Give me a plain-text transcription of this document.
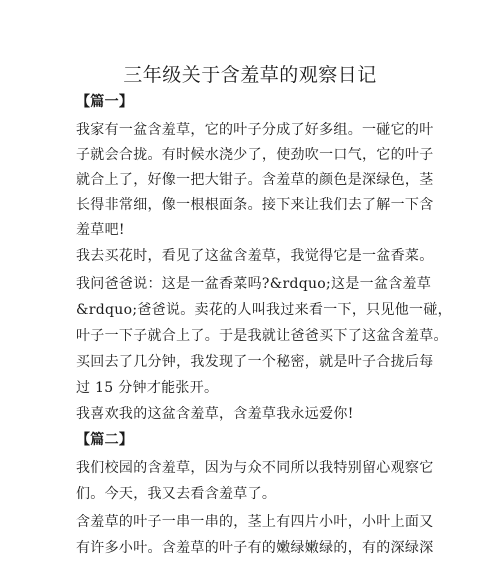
三年级关于含羞草的观察日记
【篇一】
我家有一盆含羞草，它的叶子分成了好多组。一碰它的叶
子就会合拢。有时候水浇少了，使劲吹一口气，它的叶子
就合上了，好像一把大钳子。含羞草的颜色是深绿色，茎
长得非常细，像一根根面条。接下来让我们去了解一下含
羞草吧!
我去买花时，看见了这盆含羞草，我觉得它是一盆香菜。
我问爸爸说：这是一盆香菜吗?&rdquo;这是一盆含羞草
&rdquo;爸爸说。卖花的人叫我过来看一下，只见他一碰，
叶子一下子就合上了。于是我就让爸爸买下了这盆含羞草。
买回去了几分钟，我发现了一个秘密，就是叶子合拢后每
过 15 分钟才能张开。
我喜欢我的这盆含羞草，含羞草我永远爱你!
【篇二】
我们校园的含羞草，因为与众不同所以我特别留心观察它
们。今天，我又去看含羞草了。
含羞草的叶子一串一串的，茎上有四片小叶，小叶上面又
有许多小叶。含羞草的叶子有的嫩绿嫩绿的，有的深绿深
